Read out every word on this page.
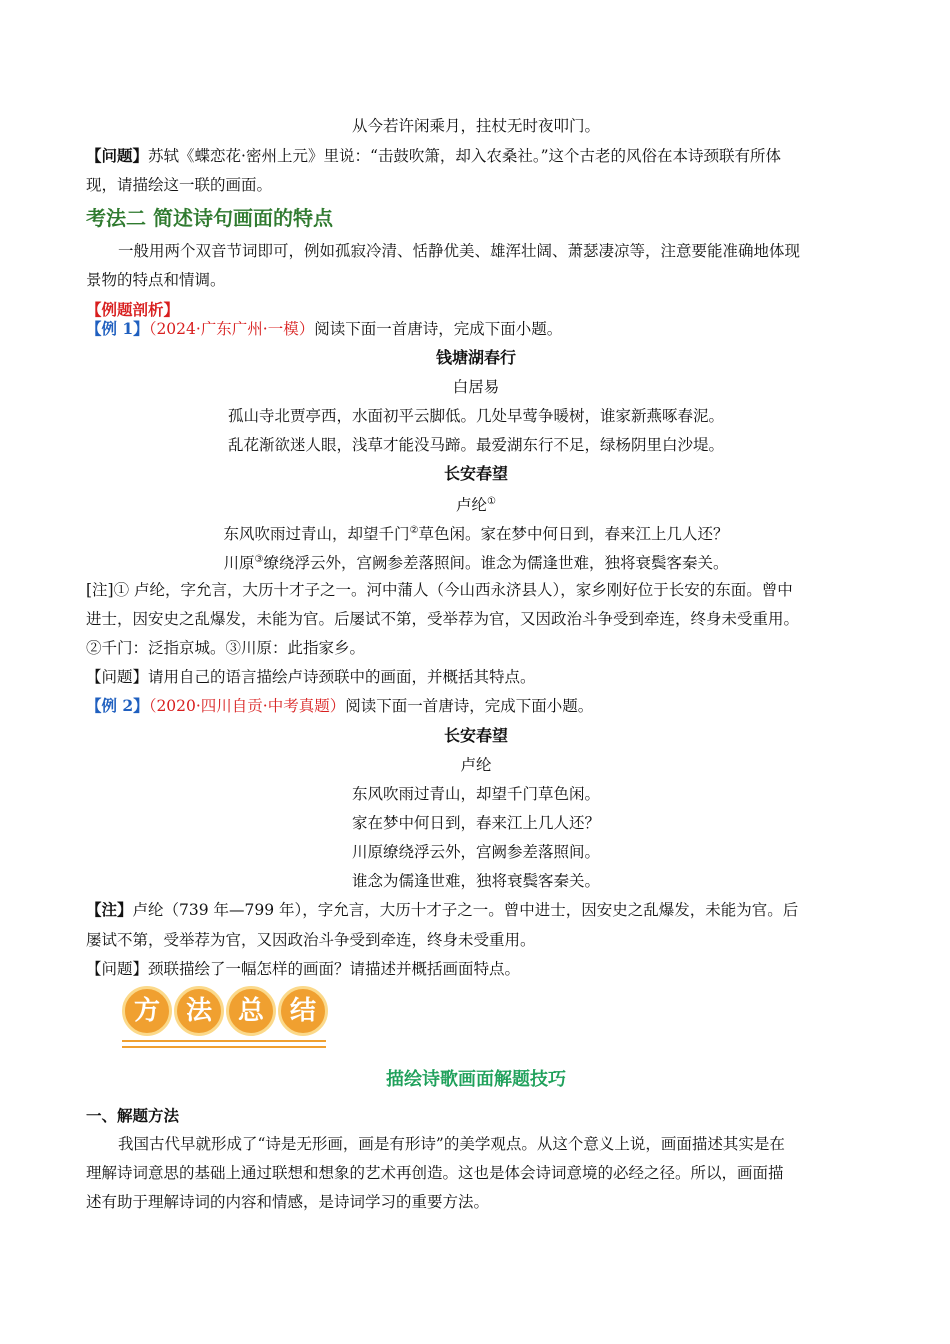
从今若许闲乘月，拄杖无时夜叩门。
【问题】苏轼《蝶恋花·密州上元》里说：“击鼓吹箫，却入农桑社。”这个古老的风俗在本诗颈联有所体
现，请描绘这一联的画面。
考法二 简述诗句画面的特点
一般用两个双音节词即可，例如孤寂冷清、恬静优美、雄浑壮阔、萧瑟凄凉等，注意要能准确地体现
景物的特点和情调。
【例题剖析】
【例 1】（2024·广东广州·一模）阅读下面一首唐诗，完成下面小题。
钱塘湖春行
白居易
孤山寺北贾亭西，水面初平云脚低。几处早莺争暖树，谁家新燕啄春泥。
乱花渐欲迷人眼，浅草才能没马蹄。最爱湖东行不足，绿杨阴里白沙堤。
长安春望
卢纶①
东风吹雨过青山，却望千门②草色闲。家在梦中何日到，春来江上几人还？
川原③缭绕浮云外，宫阙参差落照间。谁念为儒逢世难，独将衰鬓客秦关。
[注]① 卢纶，字允言，大历十才子之一。河中蒲人（今山西永济县人），家乡刚好位于长安的东面。曾中
进士，因安史之乱爆发，未能为官。后屡试不第，受举荐为官，又因政治斗争受到牵连，终身未受重用。
②千门：泛指京城。③川原：此指家乡。
【问题】请用自己的语言描绘卢诗颈联中的画面，并概括其特点。
【例 2】（2020·四川自贡·中考真题）阅读下面一首唐诗，完成下面小题。
长安春望
卢纶
东风吹雨过青山，却望千门草色闲。
家在梦中何日到，春来江上几人还？
川原缭绕浮云外，宫阙参差落照间。
谁念为儒逢世难，独将衰鬓客秦关。
【注】卢纶（739 年—799 年），字允言，大历十才子之一。曾中进士，因安史之乱爆发，未能为官。后
屡试不第，受举荐为官，又因政治斗争受到牵连，终身未受重用。
【问题】颈联描绘了一幅怎样的画面？请描述并概括画面特点。
描绘诗歌画面解题技巧
一、解题方法
我国古代早就形成了“诗是无形画，画是有形诗”的美学观点。从这个意义上说，画面描述其实是在
理解诗词意思的基础上通过联想和想象的艺术再创造。这也是体会诗词意境的必经之径。所以，画面描
述有助于理解诗词的内容和情感，是诗词学习的重要方法。
方 法 总 结
